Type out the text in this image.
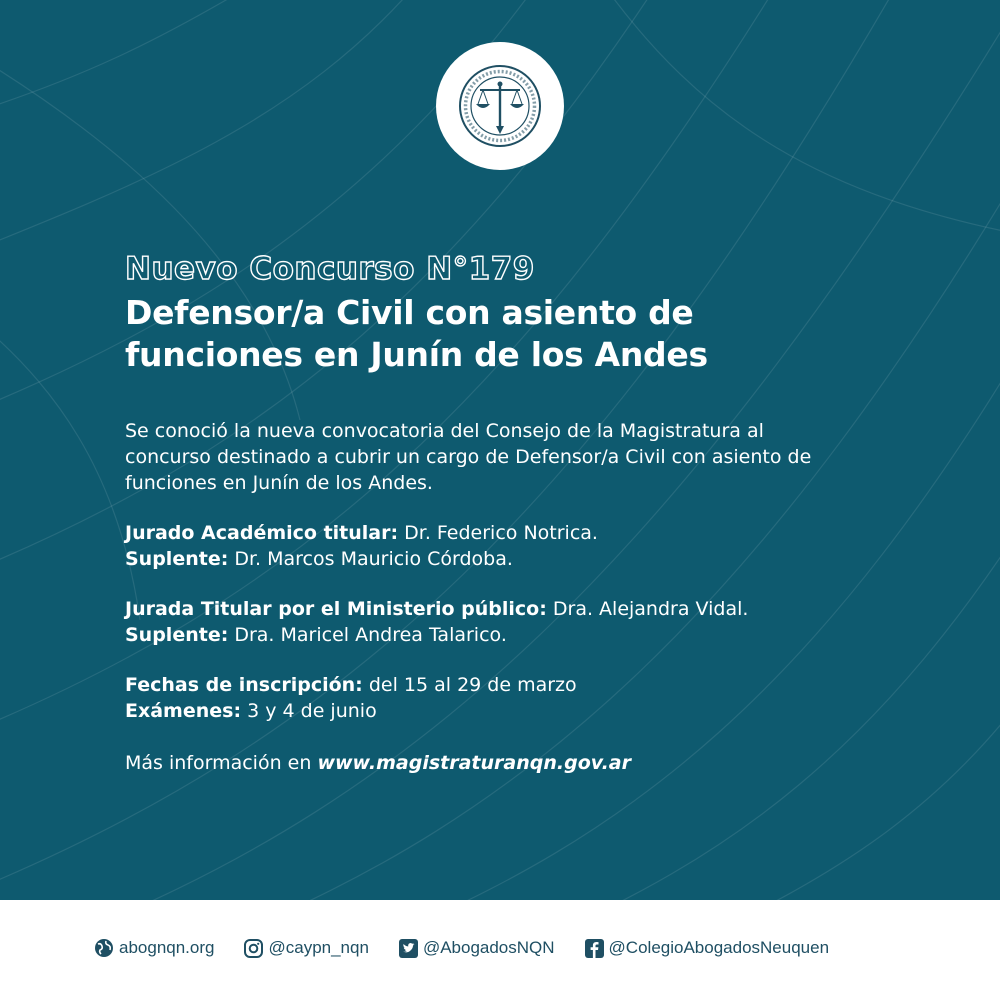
Nuevo Concurso N°179
Defensor/a Civil con asiento de
funciones en Junín de los Andes

Se conoció la nueva convocatoria del Consejo de la Magistratura al
concurso destinado a cubrir un cargo de Defensor/a Civil con asiento de
funciones en Junín de los Andes.

Jurado Académico titular: Dr. Federico Notrica.
Suplente: Dr. Marcos Mauricio Córdoba.
Jurada Titular por el Ministerio público: Dra. Alejandra Vidal.
Suplente: Dra. Maricel Andrea Talarico.
Fechas de inscripción: del 15 al 29 de marzo
Exámenes: 3 y 4 de junio

Más información en www.magistraturanqn.gov.ar

abognqn.org	@caypn_nqn	@AbogadosNQN	@ColegioAbogadosNeuquen
